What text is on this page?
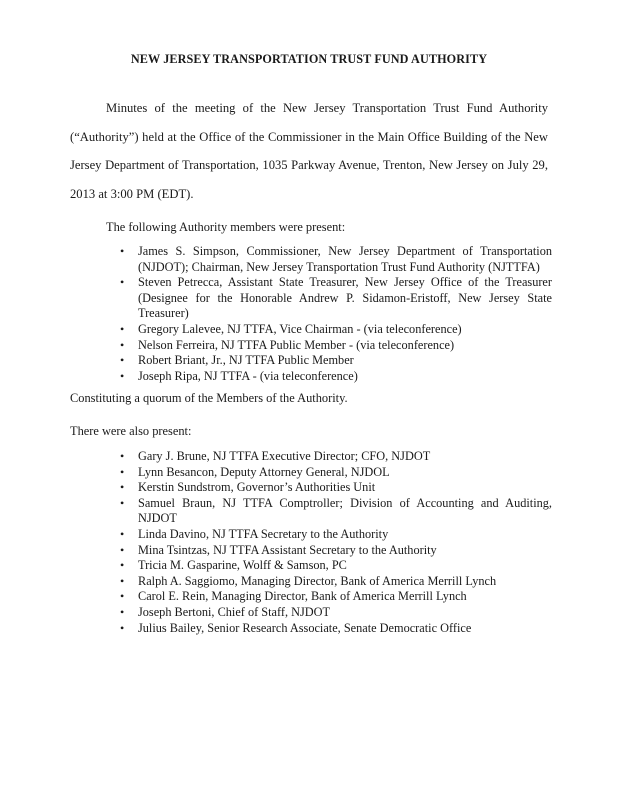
NEW JERSEY TRANSPORTATION TRUST FUND AUTHORITY

Minutes of the meeting of the New Jersey Transportation Trust Fund Authority (“Authority”) held at the Office of the Commissioner in the Main Office Building of the New Jersey Department of Transportation, 1035 Parkway Avenue, Trenton, New Jersey on July 29, 2013 at 3:00 PM (EDT).

The following Authority members were present:

• James S. Simpson, Commissioner, New Jersey Department of Transportation (NJDOT); Chairman, New Jersey Transportation Trust Fund Authority (NJTTFA)
• Steven Petrecca, Assistant State Treasurer, New Jersey Office of the Treasurer (Designee for the Honorable Andrew P. Sidamon-Eristoff, New Jersey State Treasurer)
• Gregory Lalevee, NJ TTFA, Vice Chairman - (via teleconference)
• Nelson Ferreira, NJ TTFA Public Member - (via teleconference)
• Robert Briant, Jr., NJ TTFA Public Member
• Joseph Ripa, NJ TTFA - (via teleconference)

Constituting a quorum of the Members of the Authority.

There were also present:

• Gary J. Brune, NJ TTFA Executive Director; CFO, NJDOT
• Lynn Besancon, Deputy Attorney General, NJDOL
• Kerstin Sundstrom, Governor’s Authorities Unit
• Samuel Braun, NJ TTFA Comptroller; Division of Accounting and Auditing, NJDOT
• Linda Davino, NJ TTFA Secretary to the Authority
• Mina Tsintzas, NJ TTFA Assistant Secretary to the Authority
• Tricia M. Gasparine, Wolff & Samson, PC
• Ralph A. Saggiomo, Managing Director, Bank of America Merrill Lynch
• Carol E. Rein, Managing Director, Bank of America Merrill Lynch
• Joseph Bertoni, Chief of Staff, NJDOT
• Julius Bailey, Senior Research Associate, Senate Democratic Office
